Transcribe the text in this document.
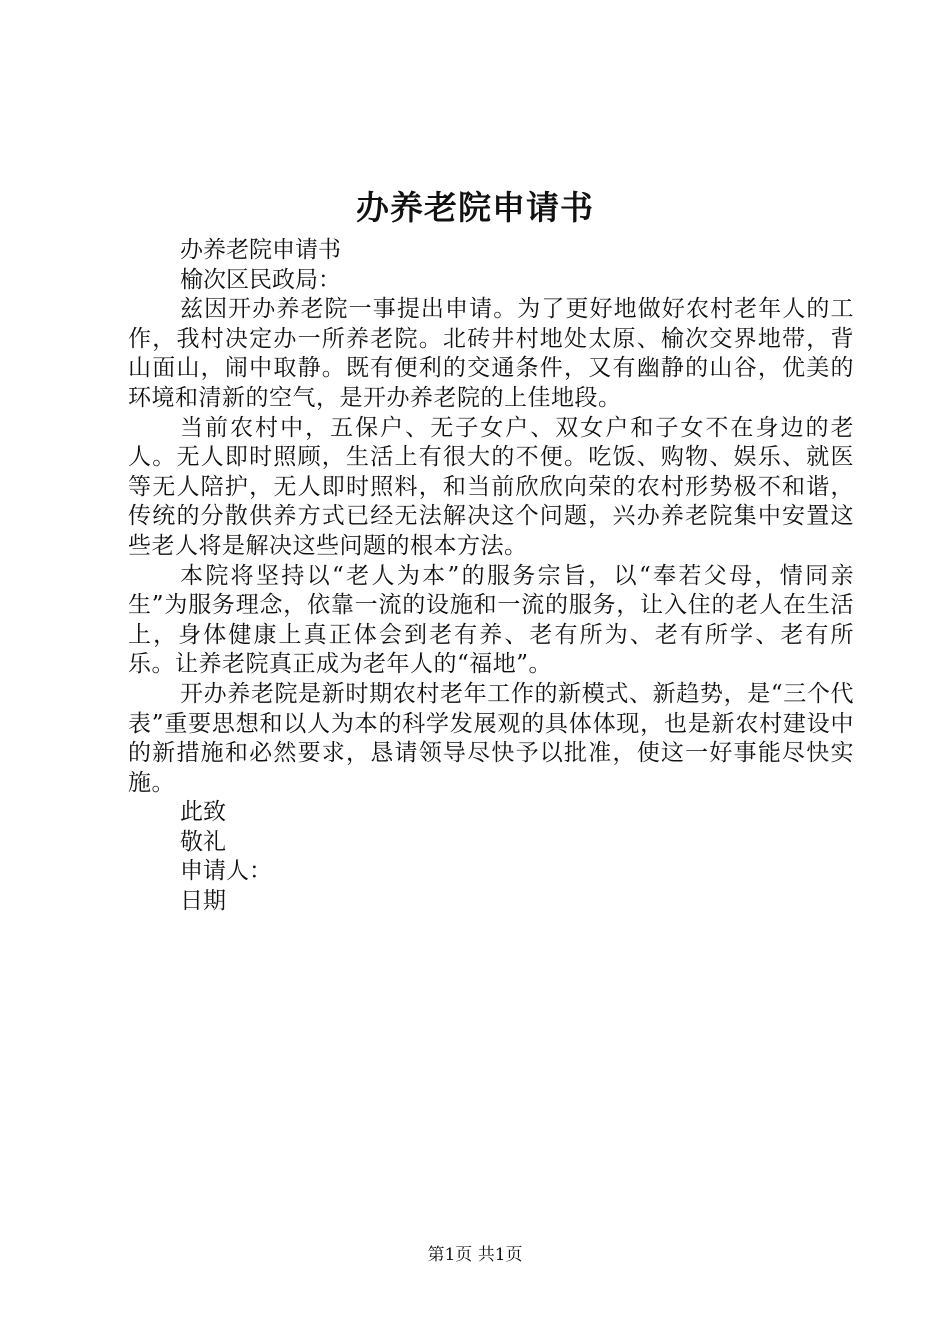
办养老院申请书

办养老院申请书

榆次区民政局：

兹因开办养老院一事提出申请。为了更好地做好农村老年人的工作，我村决定办一所养老院。北砖井村地处太原、榆次交界地带，背山面山，闹中取静。既有便利的交通条件，又有幽静的山谷，优美的环境和清新的空气，是开办养老院的上佳地段。

当前农村中，五保户、无子女户、双女户和子女不在身边的老人。无人即时照顾，生活上有很大的不便。吃饭、购物、娱乐、就医等无人陪护，无人即时照料，和当前欣欣向荣的农村形势极不和谐，传统的分散供养方式已经无法解决这个问题，兴办养老院集中安置这些老人将是解决这些问题的根本方法。

本院将坚持以“老人为本”的服务宗旨，以“奉若父母，情同亲生”为服务理念，依靠一流的设施和一流的服务，让入住的老人在生活上，身体健康上真正体会到老有养、老有所为、老有所学、老有所乐。让养老院真正成为老年人的“福地”。

开办养老院是新时期农村老年工作的新模式、新趋势，是“三个代表”重要思想和以人为本的科学发展观的具体体现，也是新农村建设中的新措施和必然要求，恳请领导尽快予以批准，使这一好事能尽快实施。

此致

敬礼

申请人：

日期

第1页 共1页
